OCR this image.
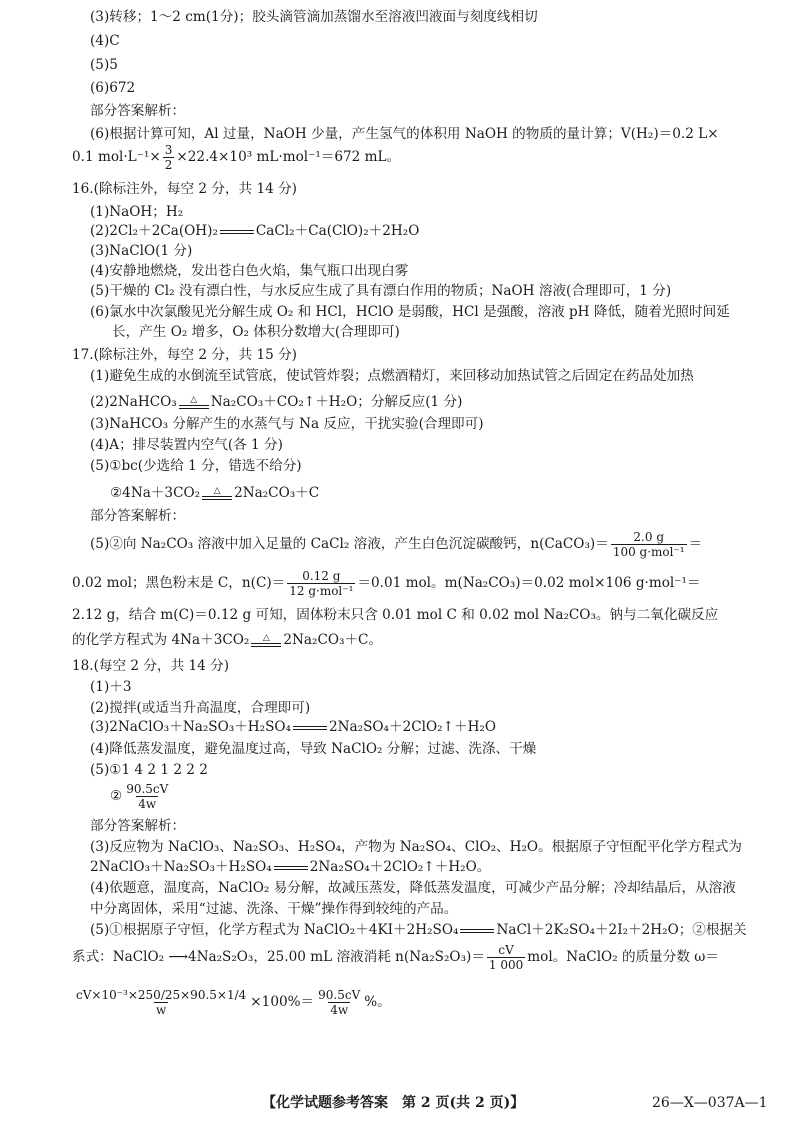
(3)转移；1～2 cm(1分)；胶头滴管滴加蒸馏水至溶液凹液面与刻度线相切
(4)C
(5)5
(6)672
部分答案解析：
(6)根据计算可知，Al 过量，NaOH 少量，产生氢气的体积用 NaOH 的物质的量计算；V(H₂)＝0.2 L×
0.1 $mol\cdot L^{-1}\times \frac{3}{2} \times 22.4\times 10^3$ mL·mol⁻¹＝672 mL。
16.(除标注外，每空 2 分，共 14 分)
(1)NaOH；H₂
(2)2Cl₂＋2Ca(OH)₂	CaCl₂＋Ca(ClO)₂＋2H₂O
(3)NaClO(1 分)
(4)安静地燃烧，发出苍白色火焰，集气瓶口出现白雾
(5)干燥的 Cl₂ 没有漂白性，与水反应生成了具有漂白作用的物质；NaOH 溶液(合理即可，1 分)
(6)氯水中次氯酸见光分解生成 O₂ 和 HCl，HClO 是弱酸，HCl 是强酸，溶液 pH 降低，随着光照时间延
长，产生 O₂ 增多，O₂ 体积分数增大(合理即可)
17.(除标注外，每空 2 分，共 15 分)
(1)避免生成的水倒流至试管底，使试管炸裂；点燃酒精灯，来回移动加热试管之后固定在药品处加热
(2)2NaHCO₃ △ Na₂CO₃＋CO₂↑＋H₂O；分解反应(1 分)
(3)NaHCO₃ 分解产生的水蒸气与 Na 反应，干扰实验(合理即可)
(4)A；排尽装置内空气(各 1 分)
(5)①bc(少选给 1 分，错选不给分)
②4Na＋3CO₂ △ 2Na₂CO₃＋C
部分答案解析：
(5)②向 Na₂CO₃ 溶液中加入足量的 CaCl₂ 溶液，产生白色沉淀碳酸钙，n(CaCO₃)＝ $\frac{2.0 g}{\text{100 g·mol⁻¹}}$ ＝
0.02 mol；黑色粉末是 C，$n(C)= \frac{0.12 g}{\text{12 g·mol⁻¹}} =0.01$ mol。m(Na₂CO₃)＝0.02 mol×106 g·mol⁻¹＝
2.12 g，结合 m(C)＝0.12 g 可知，固体粉末只含 0.01 mol C 和 0.02 mol Na₂CO₃。钠与二氧化碳反应
的化学方程式为 4Na＋3CO₂ △ 2Na₂CO₃＋C。
18.(每空 2 分，共 14 分)
(1)＋3
(2)搅拌(或适当升高温度，合理即可)
(3)2NaClO₃＋Na₂SO₃＋H₂SO₄	2Na₂SO₄＋2ClO₂↑＋H₂O
(4)降低蒸发温度，避免温度过高，导致 NaClO₂ 分解；过滤、洗涤、干燥
(5)①1 4 2 1 2 2 2
② $\frac{90.5cV}{4w}$
部分答案解析：
(3)反应物为 NaClO₃、Na₂SO₃、H₂SO₄，产物为 Na₂SO₄、ClO₂、H₂O。根据原子守恒配平化学方程式为
2NaClO₃＋Na₂SO₃＋H₂SO₄	2Na₂SO₄＋2ClO₂↑＋H₂O。
(4)依题意，温度高，NaClO₂ 易分解，故减压蒸发，降低蒸发温度，可减少产品分解；冷却结晶后，从溶液
中分离固体，采用“过滤、洗涤、干燥”操作得到较纯的产品。
(5)①根据原子守恒，化学方程式为 NaClO₂＋4KI＋2H₂SO₄	NaCl＋2K₂SO₄＋2I₂＋2H₂O；②根据关
系式：NaClO₂ ⟶4Na₂S₂O₃，25.00 mL 溶液消耗 $n(Na_2S_2O_3)= \frac{cV}{1 000}$ mol。NaClO₂ 的质量分数 ω＝
$\frac{\text{cV×10⁻³×250/25×90.5×1/4}}{w} \times 100\%= \frac{90.5cV}{4w}$ %。
【化学试题参考答案　第 2 页(共 2 页)】	26—X—037A—1
